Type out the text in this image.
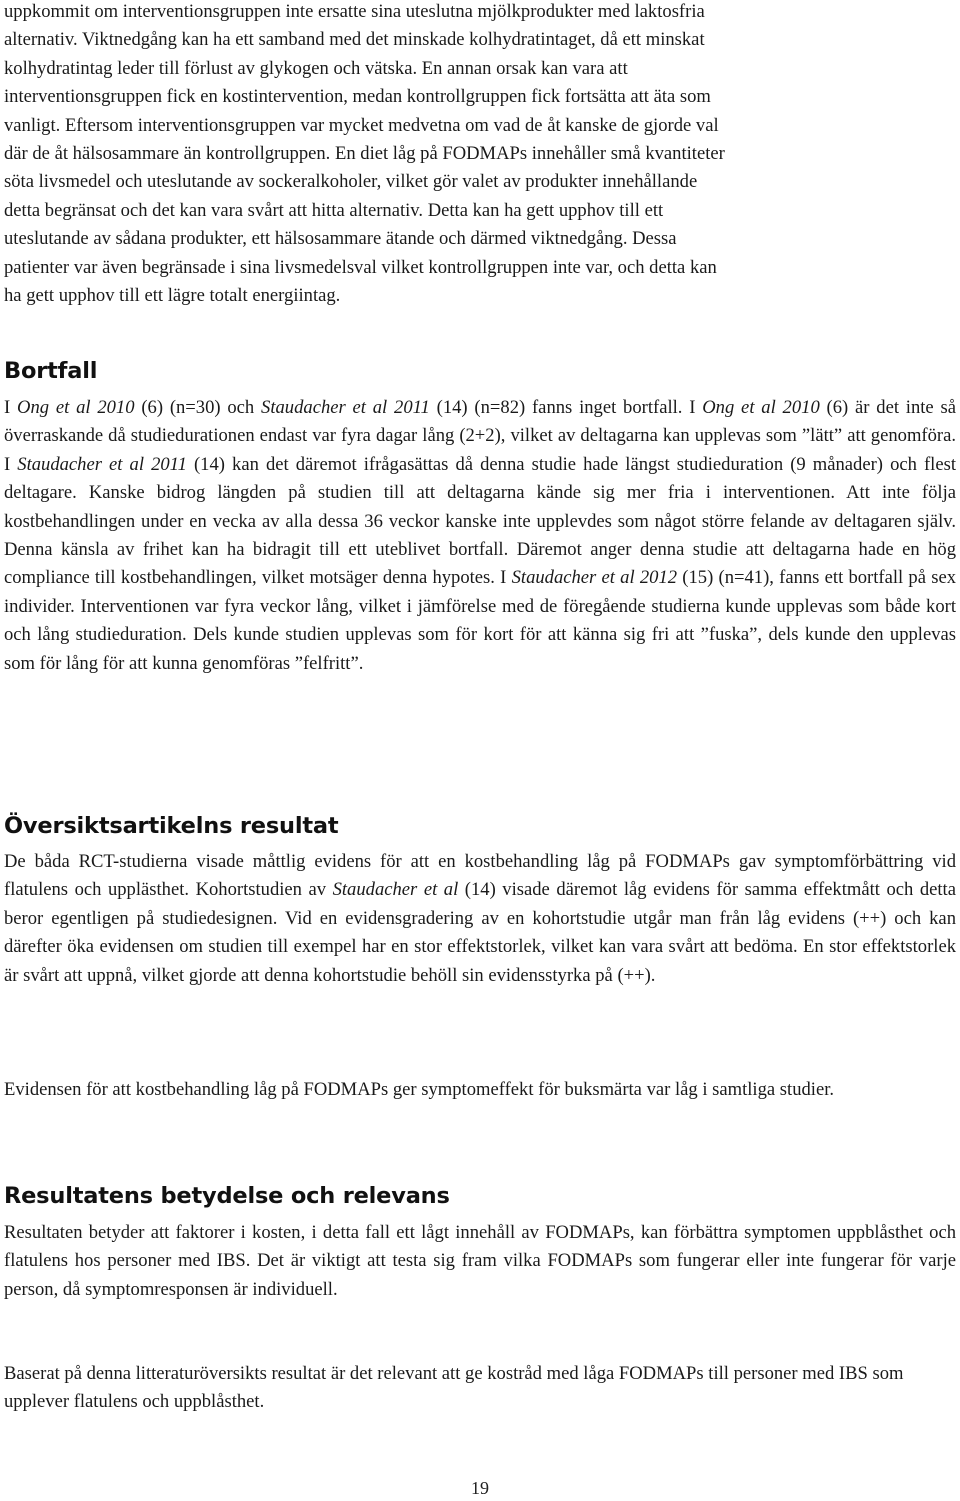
uppkommit om interventionsgruppen inte ersatte sina uteslutna mjölkprodukter med laktosfria

alternativ. Viktnedgång kan ha ett samband med det minskade kolhydratintaget, då ett minskat

kolhydratintag leder till förlust av glykogen och vätska. En annan orsak kan vara att

interventionsgruppen fick en kostintervention, medan kontrollgruppen fick fortsätta att äta som

vanligt. Eftersom interventionsgruppen var mycket medvetna om vad de åt kanske de gjorde val

där de åt hälsosammare än kontrollgruppen. En diet låg på FODMAPs innehåller små kvantiteter

söta livsmedel och uteslutande av sockeralkoholer, vilket gör valet av produkter innehållande

detta begränsat och det kan vara svårt att hitta alternativ. Detta kan ha gett upphov till ett

uteslutande av sådana produkter, ett hälsosammare ätande och därmed viktnedgång. Dessa

patienter var även begränsade i sina livsmedelsval vilket kontrollgruppen inte var, och detta kan

ha gett upphov till ett lägre totalt energiintag.

Bortfall

I Ong et al 2010 (6) (n=30) och Staudacher et al 2011 (14) (n=82) fanns inget bortfall. I Ong et al 2010 (6) är det inte så överraskande då studiedurationen endast var fyra dagar lång (2+2), vilket av deltagarna kan upplevas som ”lätt” att genomföra. I Staudacher et al 2011 (14) kan det däremot ifrågasättas då denna studie hade längst studieduration (9 månader) och flest deltagare. Kanske bidrog längden på studien till att deltagarna kände sig mer fria i interventionen. Att inte följa kostbehandlingen under en vecka av alla dessa 36 veckor kanske inte upplevdes som något större felande av deltagaren själv. Denna känsla av frihet kan ha bidragit till ett uteblivet bortfall. Däremot anger denna studie att deltagarna hade en hög compliance till kostbehandlingen, vilket motsäger denna hypotes. I Staudacher et al 2012 (15) (n=41), fanns ett bortfall på sex individer. Interventionen var fyra veckor lång, vilket i jämförelse med de föregående studierna kunde upplevas som både kort och lång studieduration. Dels kunde studien upplevas som för kort för att känna sig fri att ”fuska”, dels kunde den upplevas som för lång för att kunna genomföras ”felfritt”.

Översiktsartikelns resultat

De båda RCT-studierna visade måttlig evidens för att en kostbehandling låg på FODMAPs gav symptomförbättring vid flatulens och upplästhet. Kohortstudien av Staudacher et al (14) visade däremot låg evidens för samma effektmått och detta beror egentligen på studiedesignen. Vid en evidensgradering av en kohortstudie utgår man från låg evidens (++) och kan därefter öka evidensen om studien till exempel har en stor effektstorlek, vilket kan vara svårt att bedöma. En stor effektstorlek är svårt att uppnå, vilket gjorde att denna kohortstudie behöll sin evidensstyrka på (++).

Evidensen för att kostbehandling låg på FODMAPs ger symptomeffekt för buksmärta var låg i samtliga studier.

Resultatens betydelse och relevans

Resultaten betyder att faktorer i kosten, i detta fall ett lågt innehåll av FODMAPs, kan förbättra symptomen uppblåsthet och flatulens hos personer med IBS. Det är viktigt att testa sig fram vilka FODMAPs som fungerar eller inte fungerar för varje person, då symptomresponsen är individuell.

Baserat på denna litteraturöversikts resultat är det relevant att ge kostråd med låga FODMAPs till personer med IBS som upplever flatulens och uppblåsthet.

19
